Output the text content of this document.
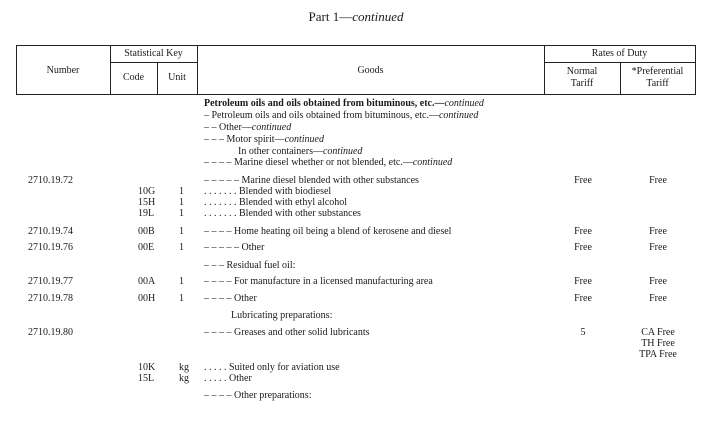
Part 1—continued
Number
Statistical Key
Code	Unit
Goods
Rates of Duty
Normal
Tariff
*Preferential
Tariff
Petroleum oils and oils obtained from bituminous, etc.—continued
– Petroleum oils and oils obtained from bituminous, etc.—continued
– – Other—continued
– – – Motor spirit—continued
In other containers—continued
– – – – Marine diesel whether or not blended, etc.—continued
2710.19.72	– – – – – Marine diesel blended with other substances	Free	Free
10G 1 . . . . . . . Blended with biodiesel
15H 1 . . . . . . . Blended with ethyl alcohol
19L 1 . . . . . . . Blended with other substances
2710.19.74	00B 1 – – – – Home heating oil being a blend of kerosene and diesel	Free	Free
2710.19.76	00E 1 – – – – – Other	Free	Free
– – – Residual fuel oil:
2710.19.77	00A 1 – – – – For manufacture in a licensed manufacturing area	Free	Free
2710.19.78	00H 1 – – – – Other	Free	Free
Lubricating preparations:
2710.19.80	– – – – Greases and other solid lubricants	5	CA Free
TH Free
TPA Free
10K kg . . . . . Suited only for aviation use
15L kg . . . . . Other
– – – – Other preparations:
